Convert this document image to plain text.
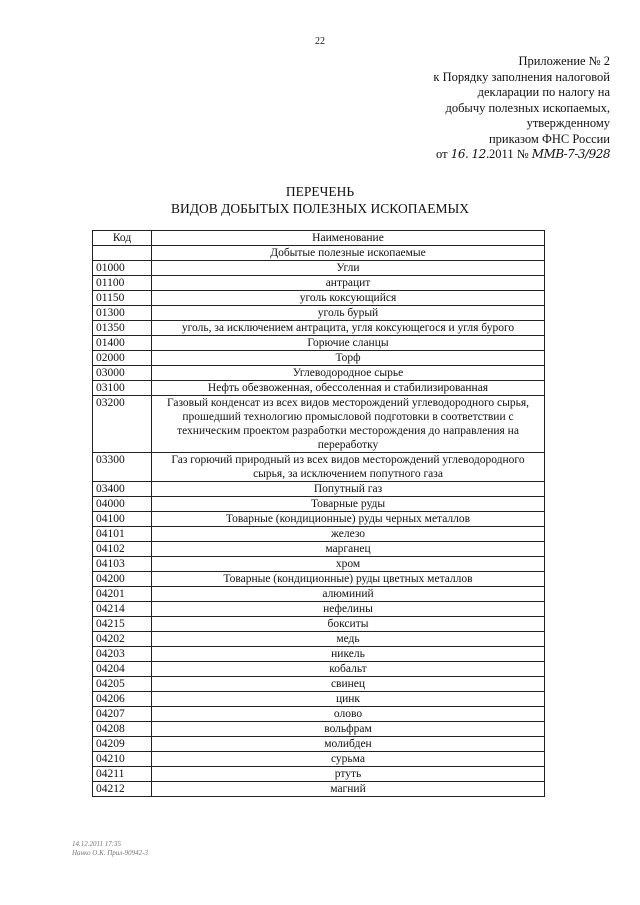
22
Приложение № 2
к Порядку заполнения налоговой
декларации по налогу на
добычу полезных ископаемых,
утвержденному
приказом ФНС России
от 16. 12.2011 № ММВ-7-3/928
ПЕРЕЧЕНЬ
ВИДОВ ДОБЫТЫХ ПОЛЕЗНЫХ ИСКОПАЕМЫХ
Код	Наименование
	Добытые полезные ископаемые
01000	Угли
01100	антрацит
01150	уголь коксующийся
01300	уголь бурый
01350	уголь, за исключением антрацита, угля коксующегося и угля бурого
01400	Горючие сланцы
02000	Торф
03000	Углеводородное сырье
03100	Нефть обезвоженная, обессоленная и стабилизированная
03200	Газовый конденсат из всех видов месторождений углеводородного сырья, прошедший технологию промысловой подготовки в соответствии с техническим проектом разработки месторождения до направления на переработку
03300	Газ горючий природный из всех видов месторождений углеводородного сырья, за исключением попутного газа
03400	Попутный газ
04000	Товарные руды
04100	Товарные (кондиционные) руды черных металлов
04101	железо
04102	марганец
04103	хром
04200	Товарные (кондиционные) руды цветных металлов
04201	алюминий
04214	нефелины
04215	бокситы
04202	медь
04203	никель
04204	кобальт
04205	свинец
04206	цинк
04207	олово
04208	вольфрам
04209	молибден
04210	сурьма
04211	ртуть
04212	магний
14.12.2011 17:35
Нанко О.К. Прил-90942-3
